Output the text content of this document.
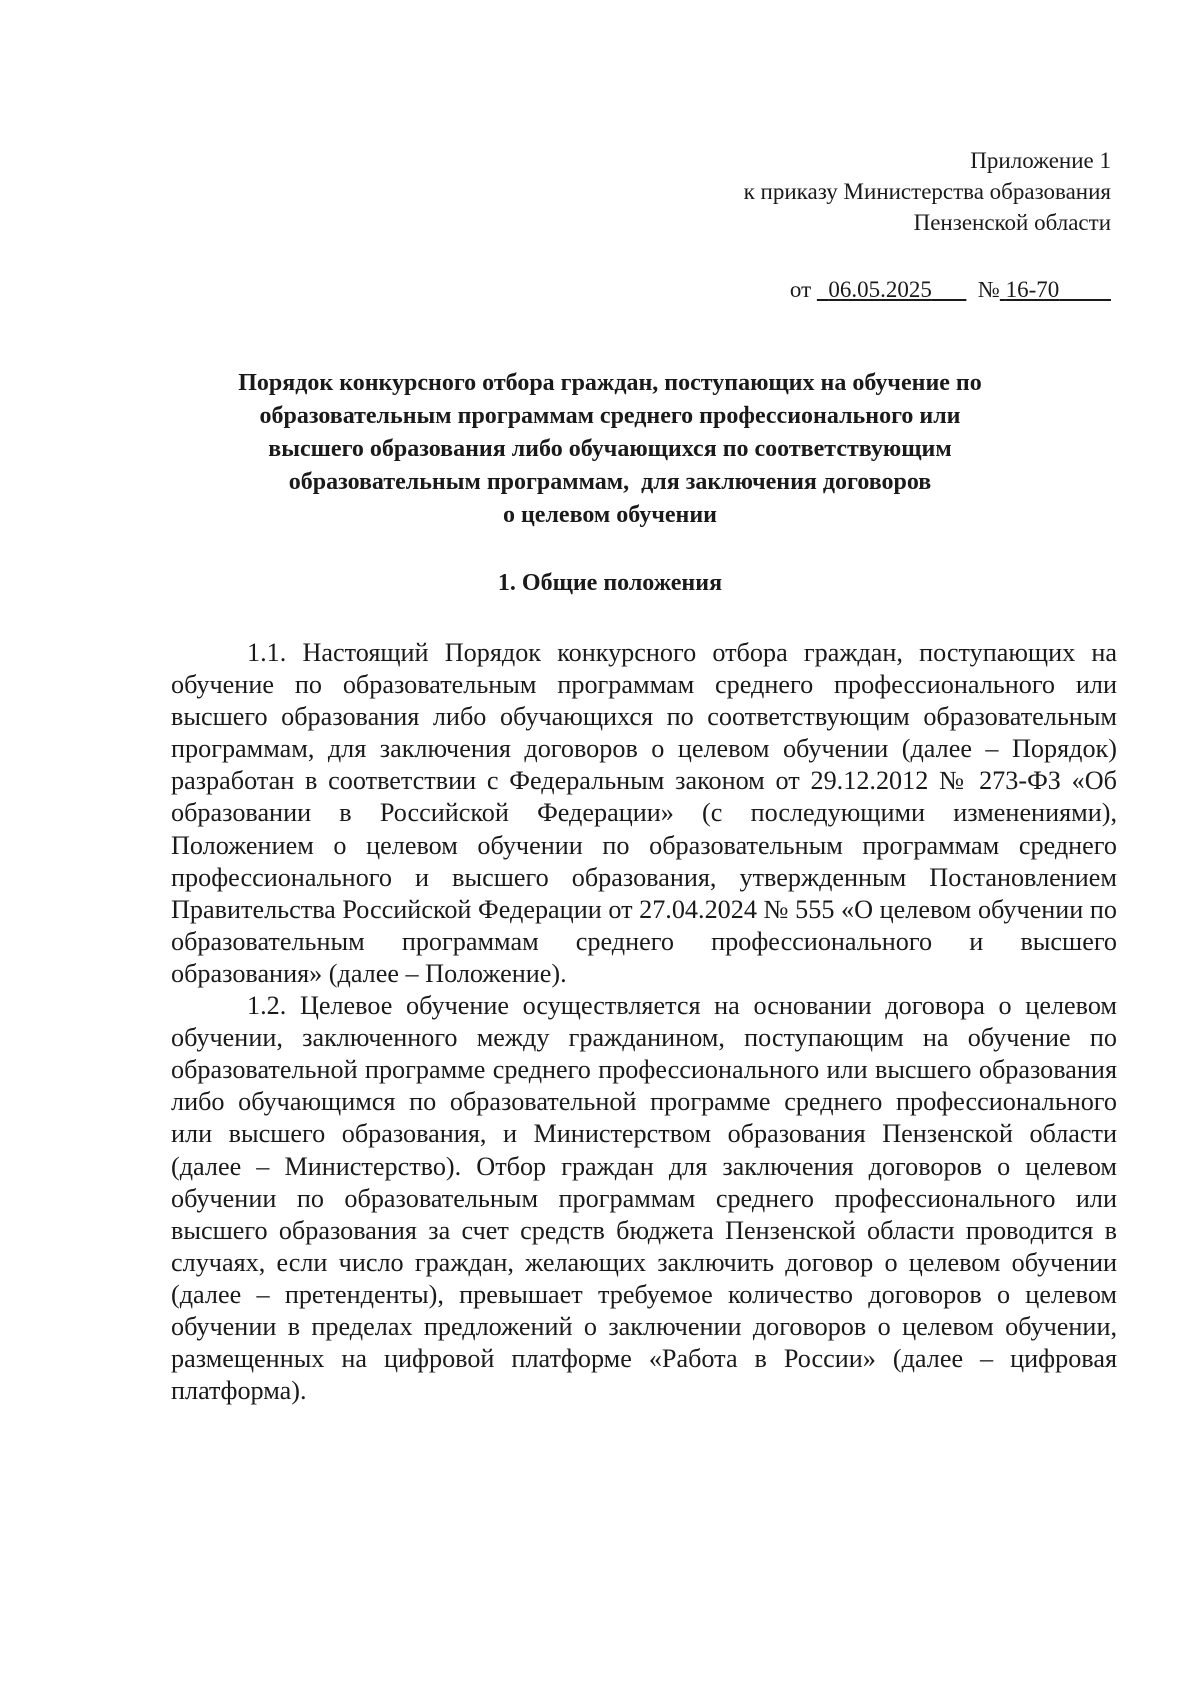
Приложение 1
к приказу Министерства образования
Пензенской области
от 06.05.2025 № 16-70
Порядок конкурсного отбора граждан, поступающих на обучение по
образовательным программам среднего профессионального или
высшего образования либо обучающихся по соответствующим
образовательным программам,  для заключения договоров
о целевом обучении
1. Общие положения

1.1. Настоящий Порядок конкурсного отбора граждан, поступающих на обучение по образовательным программам среднего профессионального или высшего образования либо обучающихся по соответствующим образовательным программам, для заключения договоров о целевом обучении (далее – Порядок) разработан в соответствии с Федеральным законом от 29.12.2012 № 273-ФЗ «Об образовании в Российской Федерации» (с последующими изменениями), Положением о целевом обучении по образовательным программам среднего профессионального и высшего образования, утвержденным Постановлением Правительства Российской Федерации от 27.04.2024 № 555 «О целевом обучении по образовательным программам среднего профессионального и высшего образования» (далее – Положение).

1.2. Целевое обучение осуществляется на основании договора о целевом обучении, заключенного между гражданином, поступающим на обучение по образовательной программе среднего профессионального или высшего образования либо обучающимся по образовательной программе среднего профессионального или высшего образования, и Министерством образования Пензенской области (далее – Министерство). Отбор граждан для заключения договоров о целевом обучении по образовательным программам среднего профессионального или высшего образования за счет средств бюджета Пензенской области проводится в случаях, если число граждан, желающих заключить договор о целевом обучении (далее – претенденты), превышает требуемое количество договоров о целевом обучении в пределах предложений о заключении договоров о целевом обучении, размещенных на цифровой платформе «Работа в России» (далее – цифровая платформа).
